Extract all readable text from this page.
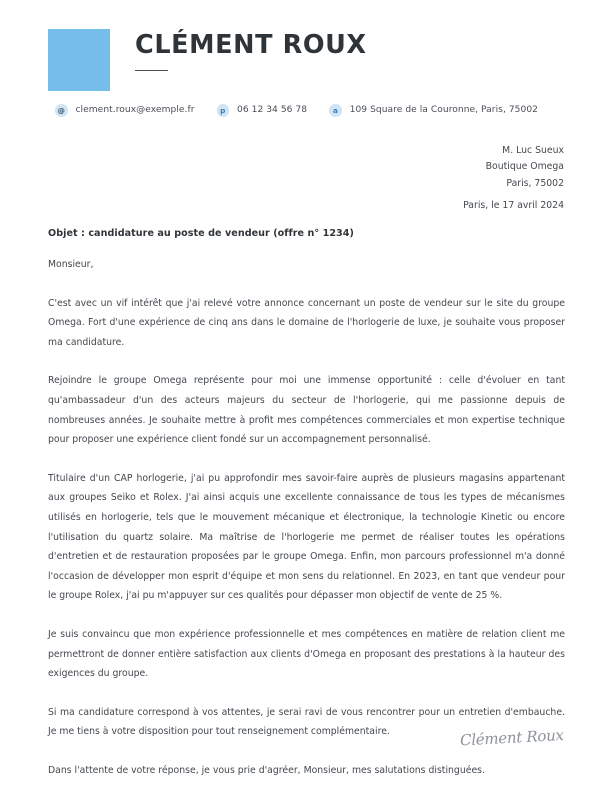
CLÉMENT ROUX
@ clement.roux@exemple.fr	p	06 12 34 56 78	a	109 Square de la Couronne, Paris, 75002
M. Luc Sueux
Boutique Omega
Paris, 75002
Paris, le 17 avril 2024
Objet : candidature au poste de vendeur (offre n° 1234)

Monsieur,

C'est avec un vif intérêt que j'ai relevé votre annonce concernant un poste de vendeur sur le site du groupe Omega. Fort d'une expérience de cinq ans dans le domaine de l'horlogerie de luxe, je souhaite vous proposer ma candidature.

Rejoindre le groupe Omega représente pour moi une immense opportunité : celle d'évoluer en tant qu'ambassadeur d'un des acteurs majeurs du secteur de l'horlogerie, qui me passionne depuis de nombreuses années. Je souhaite mettre à profit mes compétences commerciales et mon expertise technique pour proposer une expérience client fondé sur un accompagnement personnalisé.

Titulaire d'un CAP horlogerie, j'ai pu approfondir mes savoir-faire auprès de plusieurs magasins appartenant aux groupes Seiko et Rolex. J'ai ainsi acquis une excellente connaissance de tous les types de mécanismes utilisés en horlogerie, tels que le mouvement mécanique et électronique, la technologie Kinetic ou encore l'utilisation du quartz solaire. Ma maîtrise de l'horlogerie me permet de réaliser toutes les opérations d'entretien et de restauration proposées par le groupe Omega. Enfin, mon parcours professionnel m'a donné l'occasion de développer mon esprit d'équipe et mon sens du relationnel. En 2023, en tant que vendeur pour le groupe Rolex, j'ai pu m'appuyer sur ces qualités pour dépasser mon objectif de vente de 25 %.

Je suis convaincu que mon expérience professionnelle et mes compétences en matière de relation client me permettront de donner entière satisfaction aux clients d'Omega en proposant des prestations à la hauteur des exigences du groupe.

Si ma candidature correspond à vos attentes, je serai ravi de vous rencontrer pour un entretien d'embauche. Je me tiens à votre disposition pour tout renseignement complémentaire.

Dans l'attente de votre réponse, je vous prie d'agréer, Monsieur, mes salutations distinguées.

Clément Roux
